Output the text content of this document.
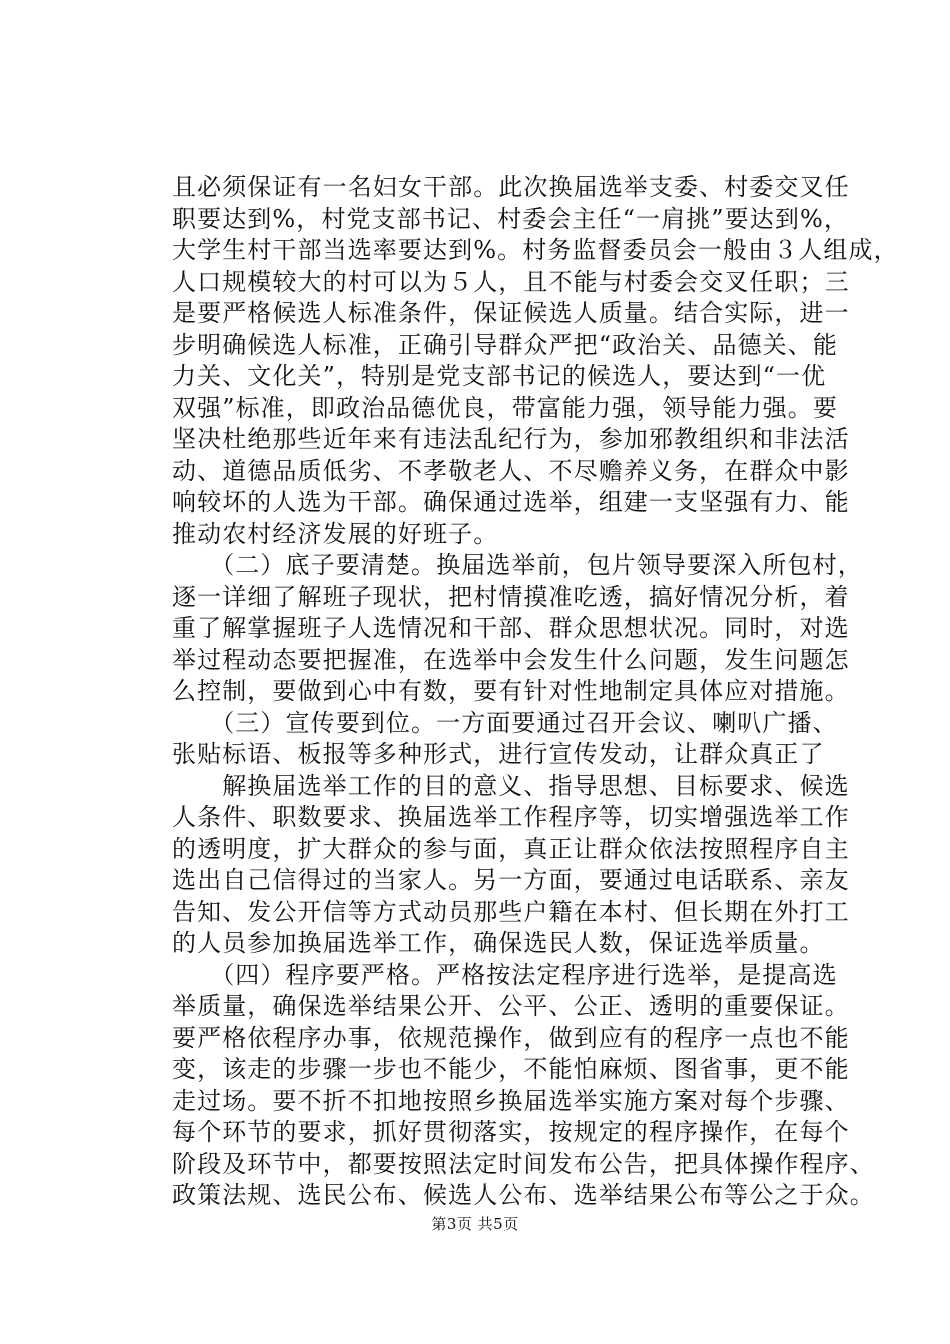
且必须保证有一名妇女干部。此次换届选举支委、村委交叉任
职要达到%，村党支部书记、村委会主任“一肩挑”要达到%，
大学生村干部当选率要达到%。村务监督委员会一般由３人组成，
人口规模较大的村可以为５人，且不能与村委会交叉任职；三
是要严格候选人标准条件，保证候选人质量。结合实际，进一
步明确候选人标准，正确引导群众严把“政治关、品德关、能
力关、文化关”，特别是党支部书记的候选人，要达到“一优
双强”标准，即政治品德优良，带富能力强，领导能力强。要
坚决杜绝那些近年来有违法乱纪行为，参加邪教组织和非法活
动、道德品质低劣、不孝敬老人、不尽赡养义务，在群众中影
响较坏的人选为干部。确保通过选举，组建一支坚强有力、能
推动农村经济发展的好班子。
　　（二）底子要清楚。换届选举前，包片领导要深入所包村，
逐一详细了解班子现状，把村情摸准吃透，搞好情况分析，着
重了解掌握班子人选情况和干部、群众思想状况。同时，对选
举过程动态要把握准，在选举中会发生什么问题，发生问题怎
么控制，要做到心中有数，要有针对性地制定具体应对措施。
　　（三）宣传要到位。一方面要通过召开会议、喇叭广播、
张贴标语、板报等多种形式，进行宣传发动，让群众真正了
　　解换届选举工作的目的意义、指导思想、目标要求、候选
人条件、职数要求、换届选举工作程序等，切实增强选举工作
的透明度，扩大群众的参与面，真正让群众依法按照程序自主
选出自己信得过的当家人。另一方面，要通过电话联系、亲友
告知、发公开信等方式动员那些户籍在本村、但长期在外打工
的人员参加换届选举工作，确保选民人数，保证选举质量。
　　（四）程序要严格。严格按法定程序进行选举，是提高选
举质量，确保选举结果公开、公平、公正、透明的重要保证。
要严格依程序办事，依规范操作，做到应有的程序一点也不能
变，该走的步骤一步也不能少，不能怕麻烦、图省事，更不能
走过场。要不折不扣地按照乡换届选举实施方案对每个步骤、
每个环节的要求，抓好贯彻落实，按规定的程序操作，在每个
阶段及环节中，都要按照法定时间发布公告，把具体操作程序、
政策法规、选民公布、候选人公布、选举结果公布等公之于众。
第3页 共5页
